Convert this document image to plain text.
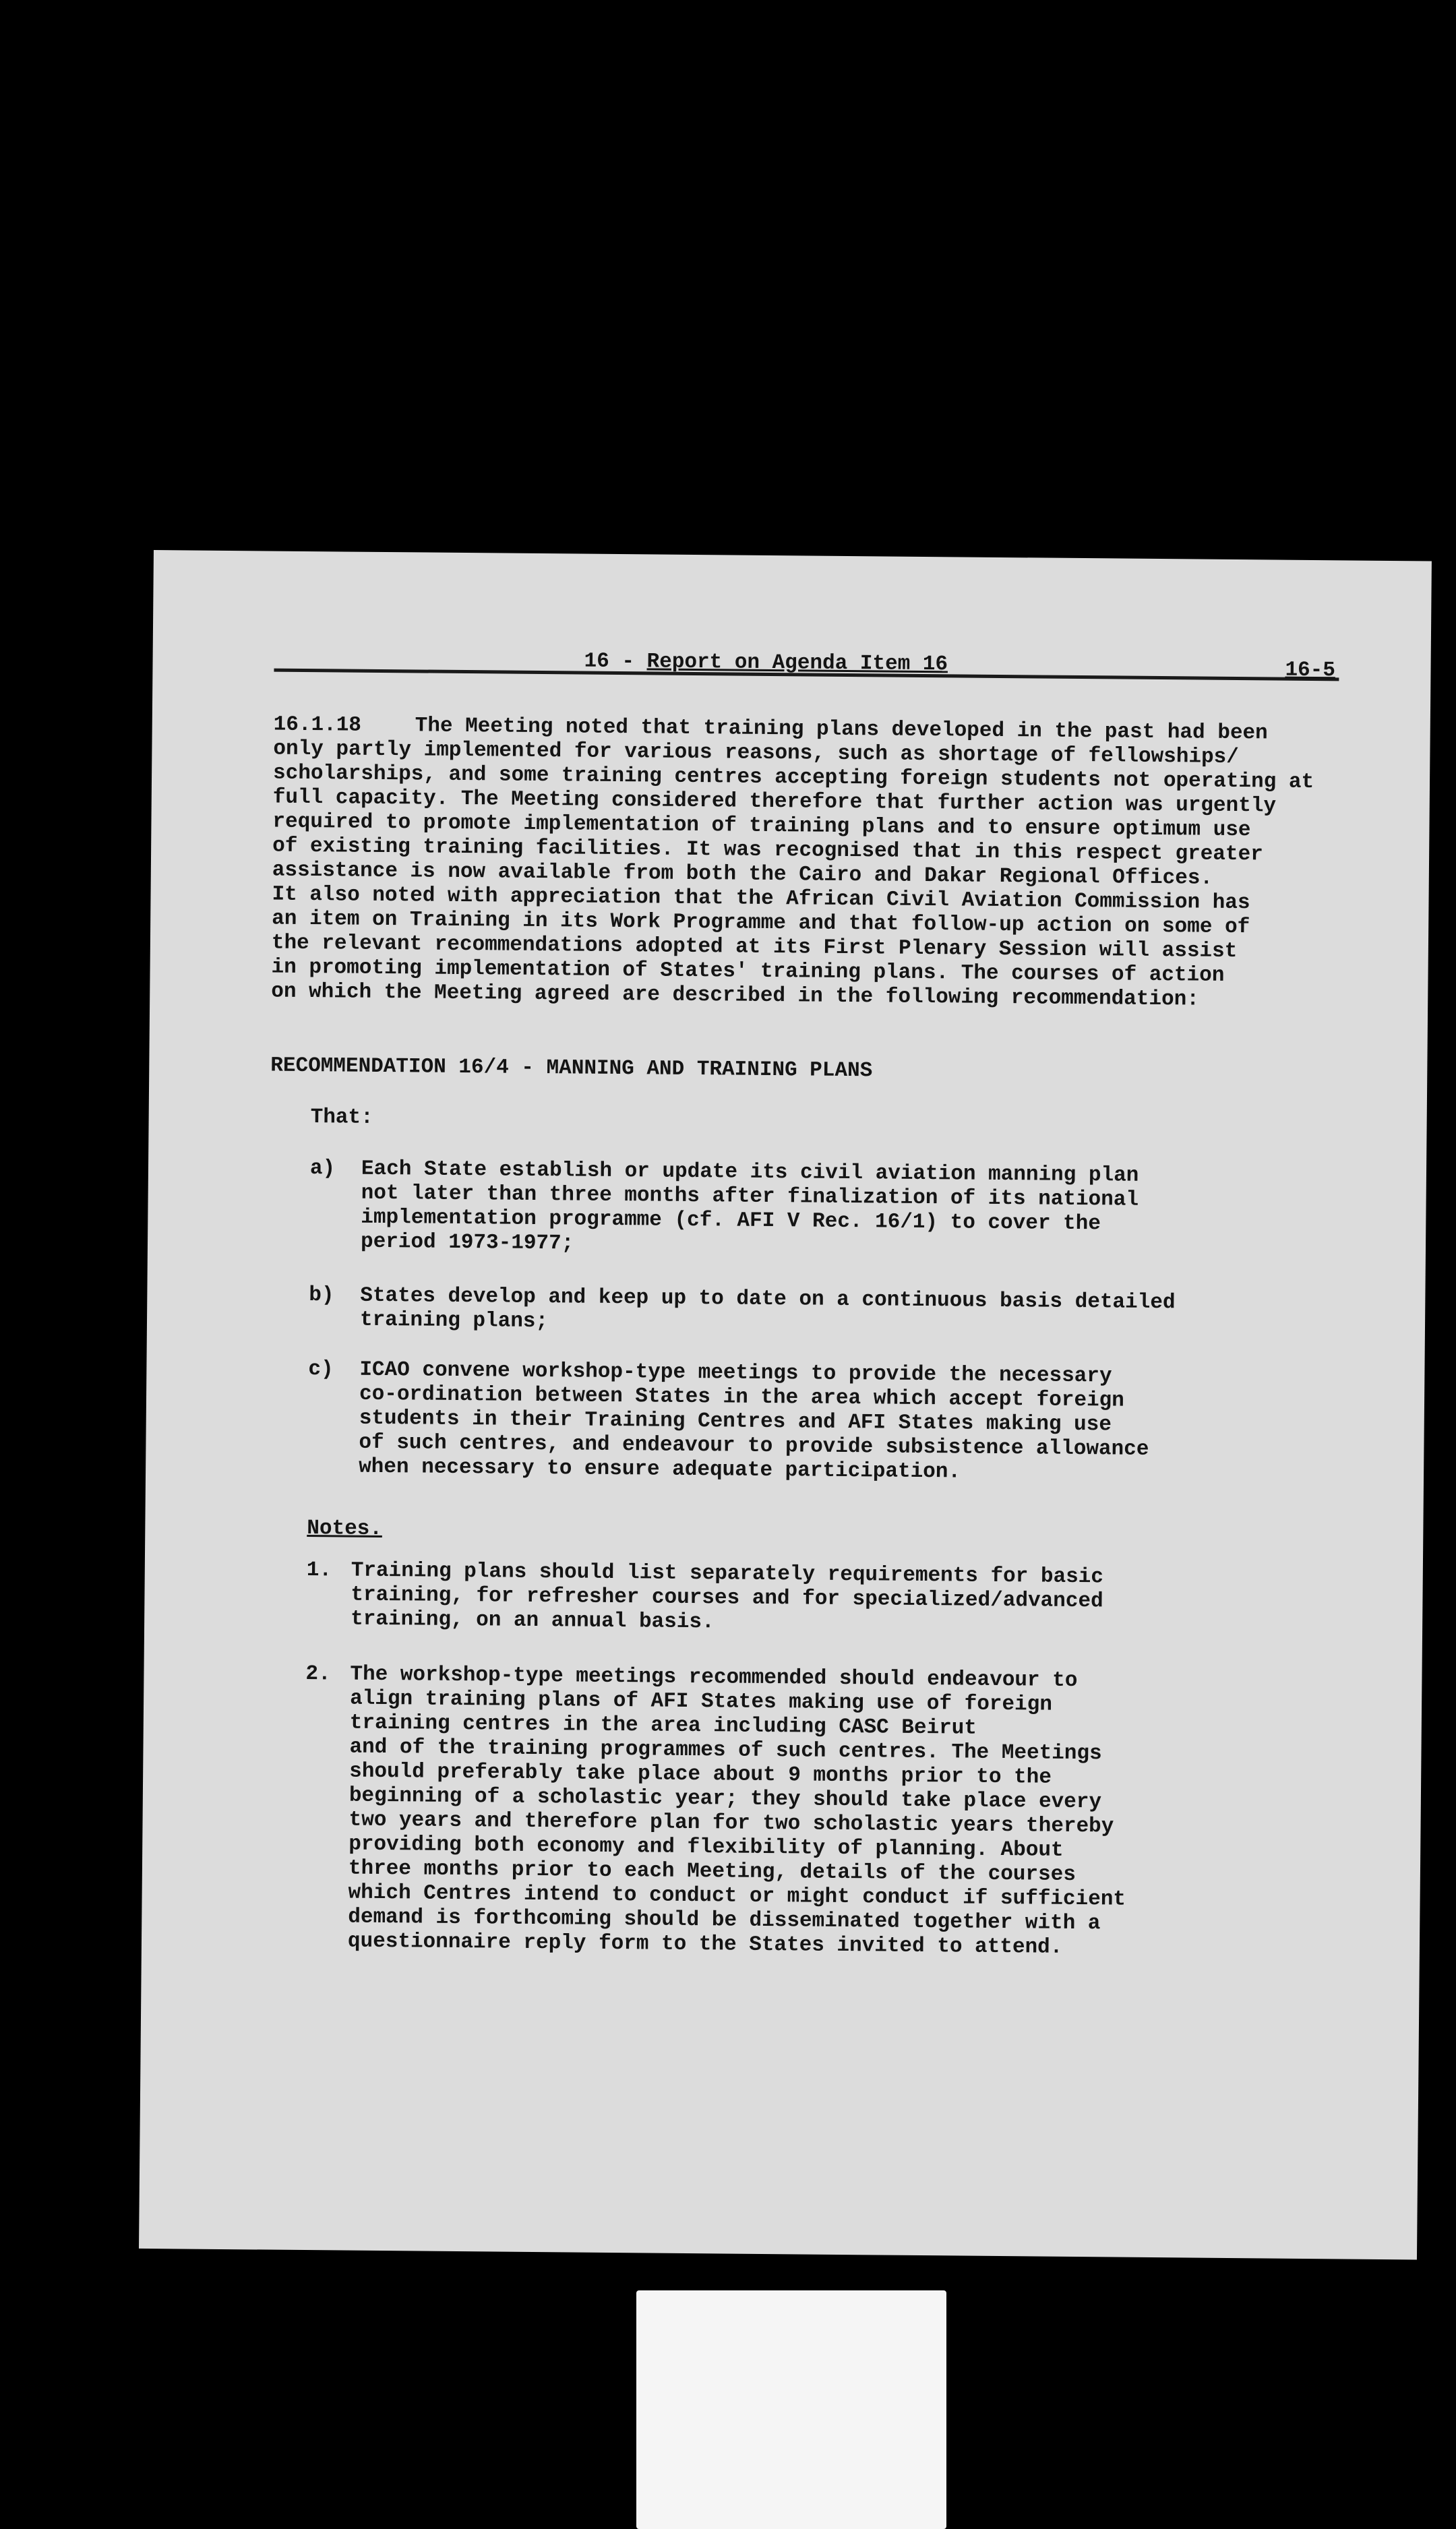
16 - Report on Agenda Item 16	16-5
16.1.18	The Meeting noted that training plans developed in the past had been
only partly implemented for various reasons, such as shortage of fellowships/
scholarships, and some training centres accepting foreign students not operating at
full capacity. The Meeting considered therefore that further action was urgently
required to promote implementation of training plans and to ensure optimum use
of existing training facilities. It was recognised that in this respect greater
assistance is now available from both the Cairo and Dakar Regional Offices.
It also noted with appreciation that the African Civil Aviation Commission has
an item on Training in its Work Programme and that follow-up action on some of
the relevant recommendations adopted at its First Plenary Session will assist
in promoting implementation of States' training plans. The courses of action
on which the Meeting agreed are described in the following recommendation:
RECOMMENDATION 16/4 - MANNING AND TRAINING PLANS
That:
a) Each State establish or update its civil aviation manning plan
not later than three months after finalization of its national
implementation programme (cf. AFI V Rec. 16/1) to cover the
period 1973-1977;
b) States develop and keep up to date on a continuous basis detailed
training plans;
c) ICAO convene workshop-type meetings to provide the necessary
co-ordination between States in the area which accept foreign
students in their Training Centres and AFI States making use
of such centres, and endeavour to provide subsistence allowance
when necessary to ensure adequate participation.
Notes.
1. Training plans should list separately requirements for basic
training, for refresher courses and for specialized/advanced
training, on an annual basis.
2. The workshop-type meetings recommended should endeavour to
align training plans of AFI States making use of foreign
training centres in the area including CASC Beirut
and of the training programmes of such centres. The Meetings
should preferably take place about 9 months prior to the
beginning of a scholastic year; they should take place every
two years and therefore plan for two scholastic years thereby
providing both economy and flexibility of planning. About
three months prior to each Meeting, details of the courses
which Centres intend to conduct or might conduct if sufficient
demand is forthcoming should be disseminated together with a
questionnaire reply form to the States invited to attend.
